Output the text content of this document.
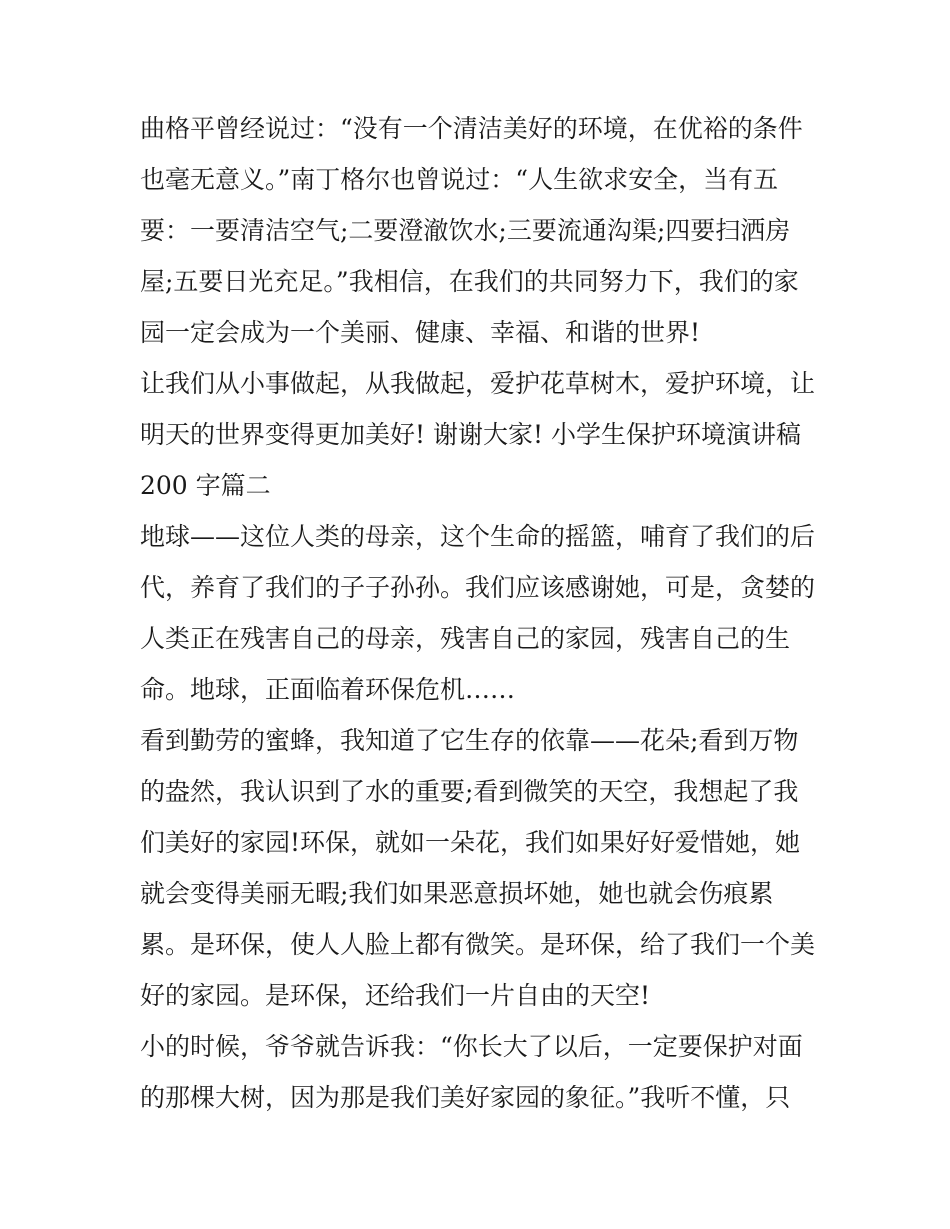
曲格平曾经说过：“没有一个清洁美好的环境，在优裕的条件
也毫无意义。”南丁格尔也曾说过：“人生欲求安全，当有五
要：一要清洁空气;二要澄澈饮水;三要流通沟渠;四要扫洒房
屋;五要日光充足。”我相信，在我们的共同努力下，我们的家
园一定会成为一个美丽、健康、幸福、和谐的世界!
让我们从小事做起，从我做起，爱护花草树木，爱护环境，让
明天的世界变得更加美好! 谢谢大家! 小学生保护环境演讲稿
200 字篇二
地球——这位人类的母亲，这个生命的摇篮，哺育了我们的后
代，养育了我们的子子孙孙。我们应该感谢她，可是，贪婪的
人类正在残害自己的母亲，残害自己的家园，残害自己的生
命。地球，正面临着环保危机……
看到勤劳的蜜蜂，我知道了它生存的依靠——花朵;看到万物
的盎然，我认识到了水的重要;看到微笑的天空，我想起了我
们美好的家园!环保，就如一朵花，我们如果好好爱惜她，她
就会变得美丽无暇;我们如果恶意损坏她，她也就会伤痕累
累。是环保，使人人脸上都有微笑。是环保，给了我们一个美
好的家园。是环保，还给我们一片自由的天空!
小的时候，爷爷就告诉我：“你长大了以后，一定要保护对面
的那棵大树，因为那是我们美好家园的象征。”我听不懂，只
